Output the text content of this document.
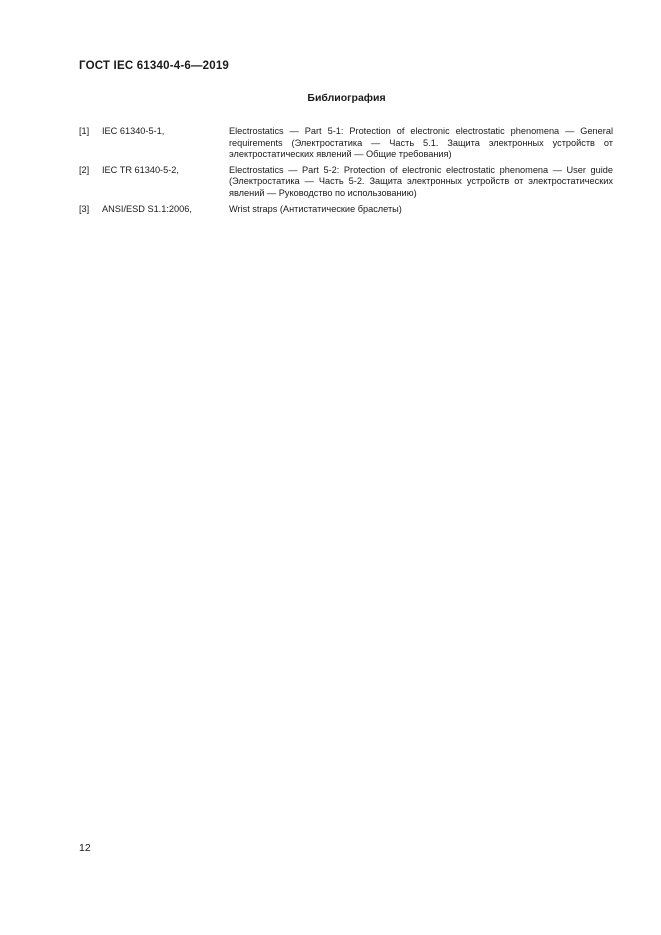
ГОСТ IEC 61340-4-6—2019
Библиография
[1] IEC 61340-5-1,	Electrostatics — Part 5-1: Protection of electronic electrostatic phenomena — General requirements (Электростатика — Часть 5.1. Защита электронных устройств от электростатических явлений — Общие требования)
[2] IEC TR 61340-5-2,	Electrostatics — Part 5-2: Protection of electronic electrostatic phenomena — User guide (Электростатика — Часть 5-2. Защита электронных устройств от электростатических явлений — Руководство по использованию)
[3] ANSI/ESD S1.1:2006,	Wrist straps (Антистатические браслеты)
12
